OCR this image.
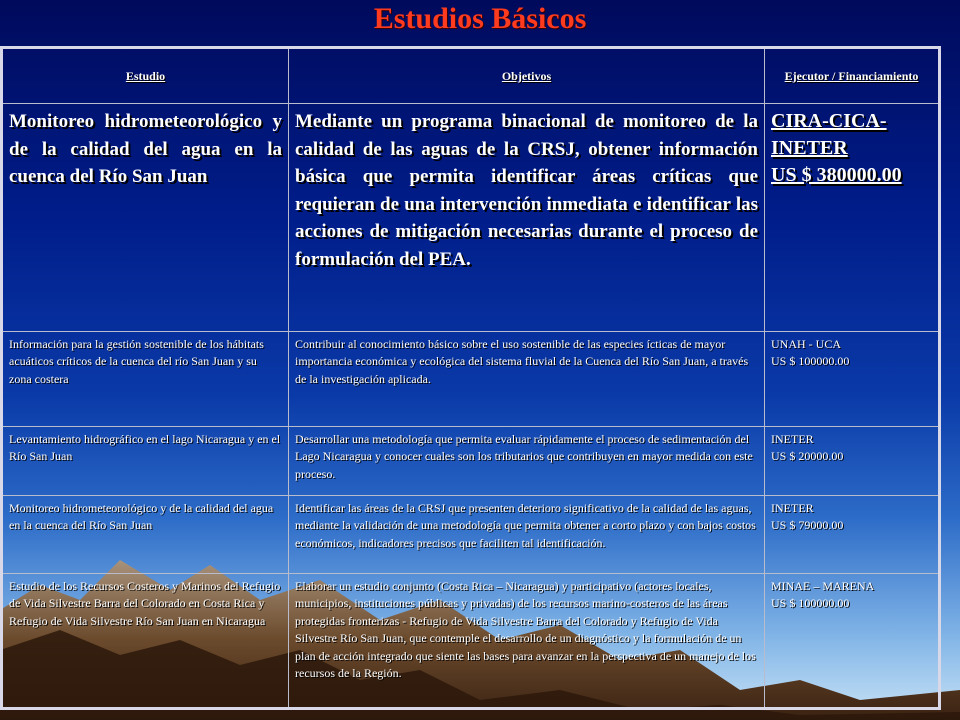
Estudios Básicos
Estudio	Objetivos	Ejecutor / Financiamiento
Monitoreo hidrometeorológico y de la calidad del agua en la cuenca del Río San Juan	Mediante un programa binacional de monitoreo de la calidad de las aguas de la CRSJ, obtener información básica que permita identificar áreas críticas que requieran de una intervención inmediata e identificar las acciones de mitigación necesarias durante el proceso de formulación del PEA.	CIRA-CICA-INETER
US $ 380000.00

Información para la gestión sostenible de los hábitats acuáticos críticos de la cuenca del río San Juan y su zona costera	Contribuir al conocimiento básico sobre el uso sostenible de las especies ícticas de mayor importancia económica y ecológica del sistema fluvial de la Cuenca del Río San Juan, a través de la investigación aplicada.	UNAH - UCA
US $ 100000.00

Levantamiento hidrográfico en el lago Nicaragua y en el Río San Juan	Desarrollar una metodología que permita evaluar rápidamente el proceso de sedimentación del Lago Nicaragua y conocer cuales son los tributarios que contribuyen en mayor medida con este proceso.	INETER
US $ 20000.00

Monitoreo hidrometeorológico y de la calidad del agua en la cuenca del Río San Juan	Identificar las áreas de la CRSJ que presenten deterioro significativo de la calidad de las aguas, mediante la validación de una metodología que permita obtener a corto plazo y con bajos costos económicos, indicadores precisos que faciliten tal identificación.	INETER
US $ 79000.00

Estudio de los Recursos Costeros y Marinos del Refugio de Vida Silvestre Barra del Colorado en Costa Rica y Refugio de Vida Silvestre Río San Juan en Nicaragua	Elaborar un estudio conjunto (Costa Rica – Nicaragua) y participativo (actores locales, municipios, instituciones públicas y privadas) de los recursos marino-costeros de las áreas protegidas fronterizas - Refugio de Vida Silvestre Barra del Colorado y Refugio de Vida Silvestre Río San Juan, que contemple el desarrollo de un diagnóstico y la formulación de un plan de acción integrado que siente las bases para avanzar en la perspectiva de un manejo de los recursos de la Región.	MINAE – MARENA
US $ 100000.00
